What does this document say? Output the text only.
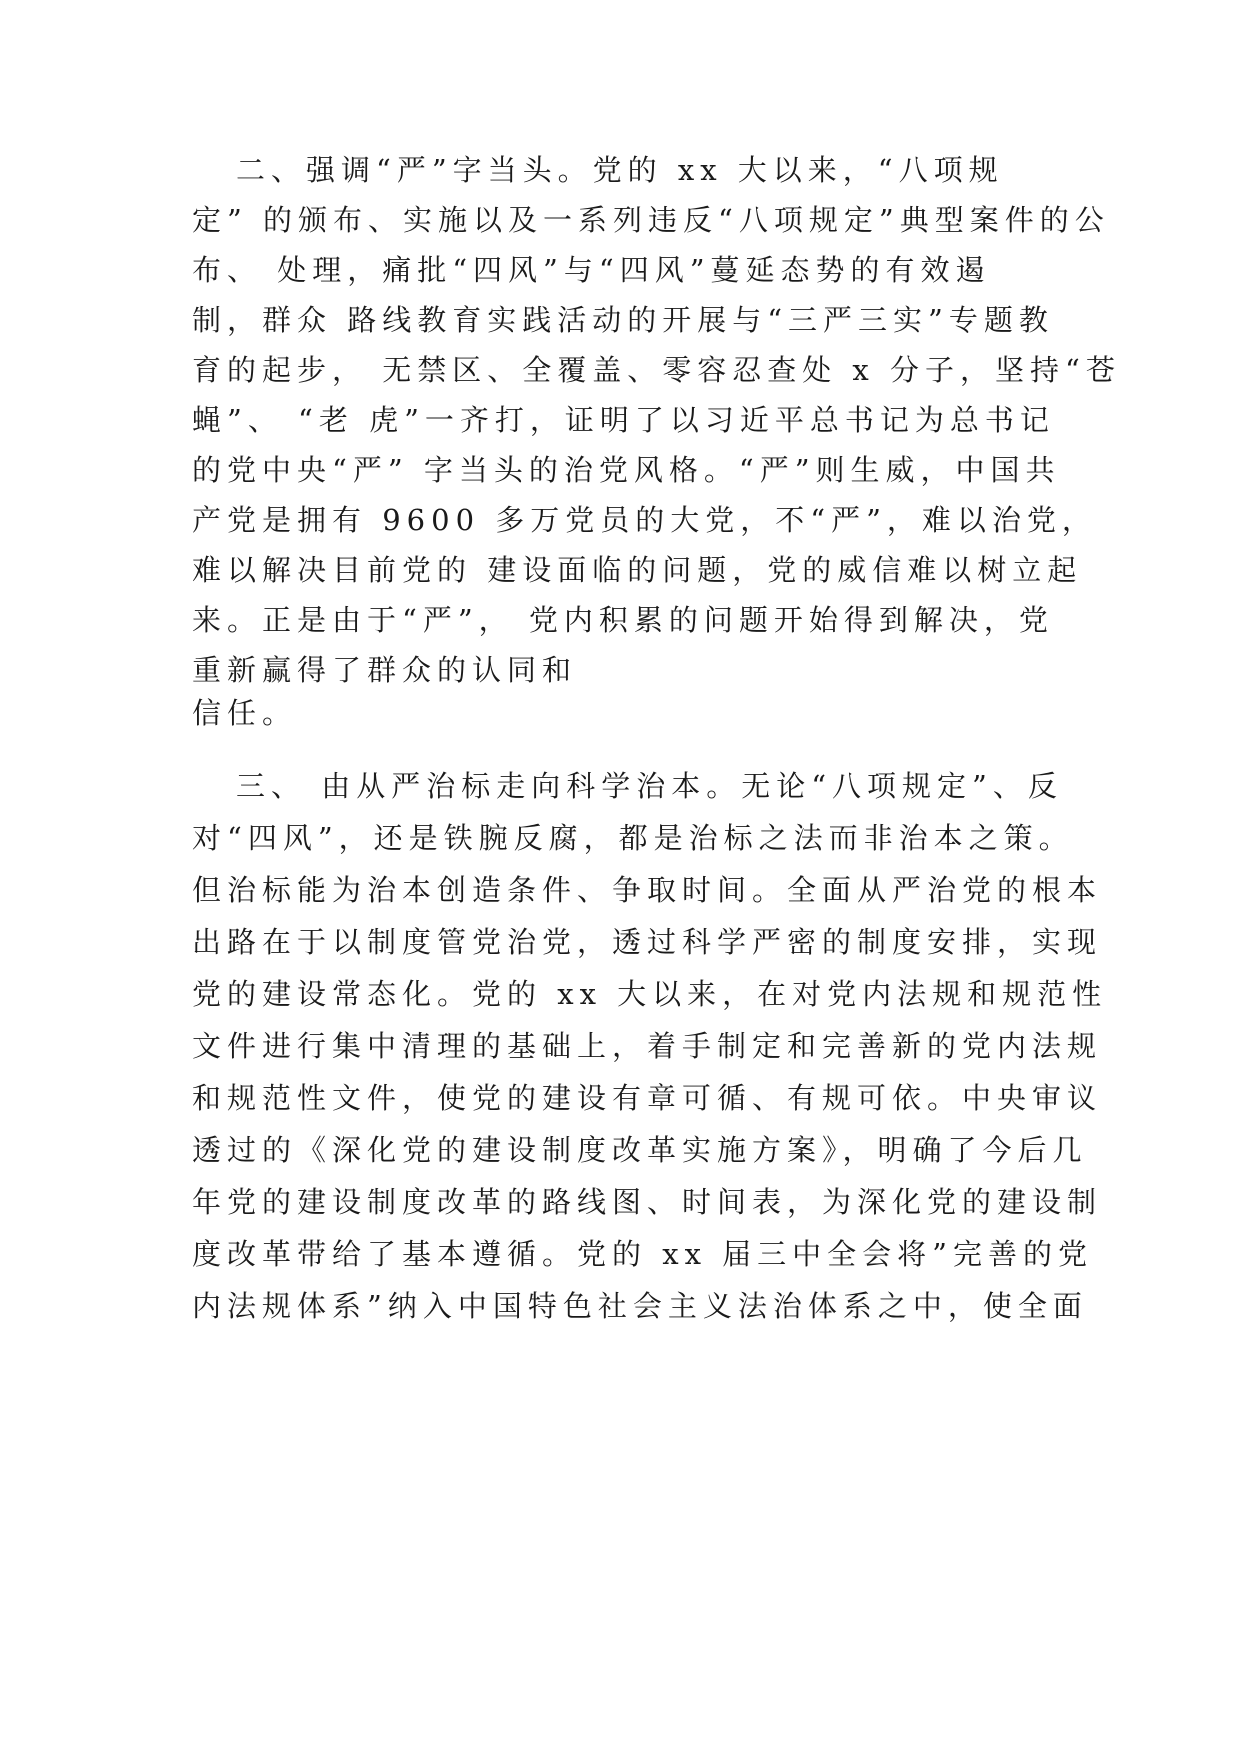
二、强调“严”字当头。党的 xx 大以来，“八项规
定” 的颁布、实施以及一系列违反“八项规定”典型案件的公
布、 处理，痛批“四风”与“四风”蔓延态势的有效遏
制，群众 路线教育实践活动的开展与“三严三实”专题教
育的起步， 无禁区、全覆盖、零容忍查处 x 分子，坚持“苍
蝇”、 “老 虎”一齐打，证明了以习近平总书记为总书记
的党中央“严” 字当头的治党风格。“严”则生威，中国共
产党是拥有 9600 多万党员的大党，不“严”，难以治党，
难以解决目前党的 建设面临的问题，党的威信难以树立起
来。正是由于“严”， 党内积累的问题开始得到解决，党
重新赢得了群众的认同和
信任。
三、 由从严治标走向科学治本。无论“八项规定”、反
对“四风”，还是铁腕反腐，都是治标之法而非治本之策。
但治标能为治本创造条件、争取时间。全面从严治党的根本
出路在于以制度管党治党，透过科学严密的制度安排，实现
党的建设常态化。党的 xx 大以来，在对党内法规和规范性
文件进行集中清理的基础上，着手制定和完善新的党内法规
和规范性文件，使党的建设有章可循、有规可依。中央审议
透过的《深化党的建设制度改革实施方案》，明确了今后几
年党的建设制度改革的路线图、时间表，为深化党的建设制
度改革带给了基本遵循。党的 xx 届三中全会将”完善的党
内法规体系”纳入中国特色社会主义法治体系之中，使全面
